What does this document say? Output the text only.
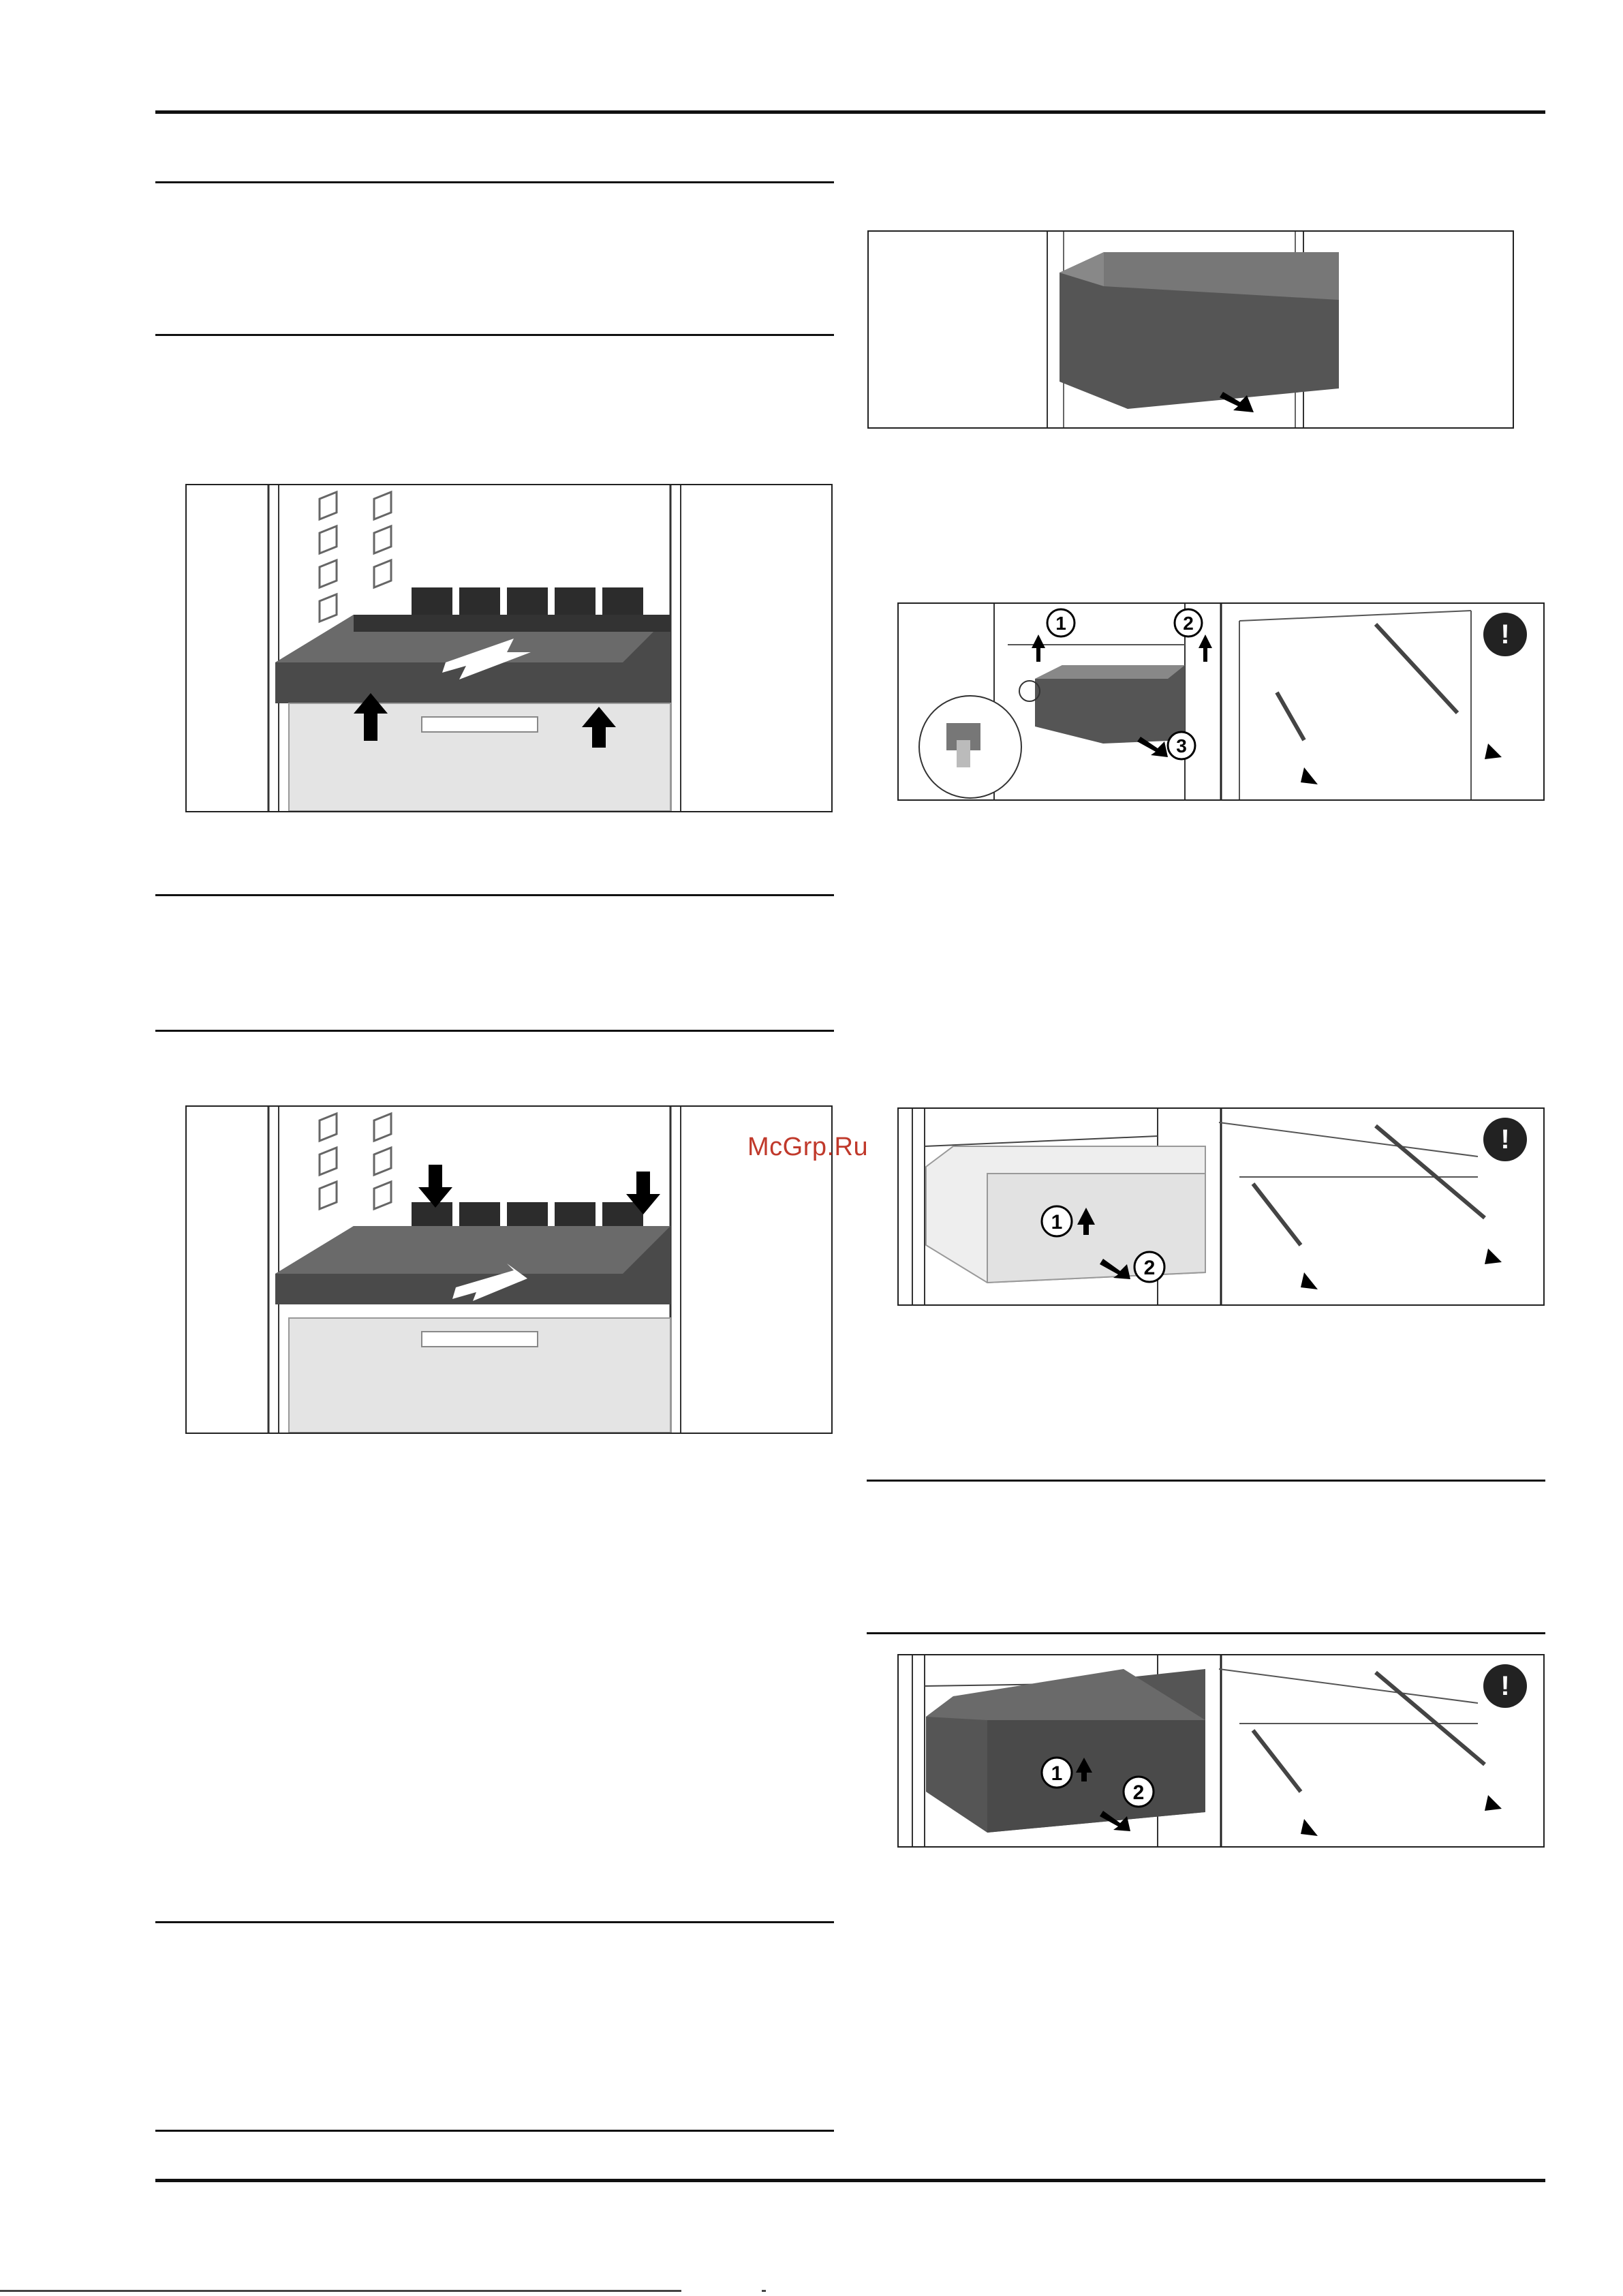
McGrp.Ru
1	2
3
!
1
2
!
1
2
!
